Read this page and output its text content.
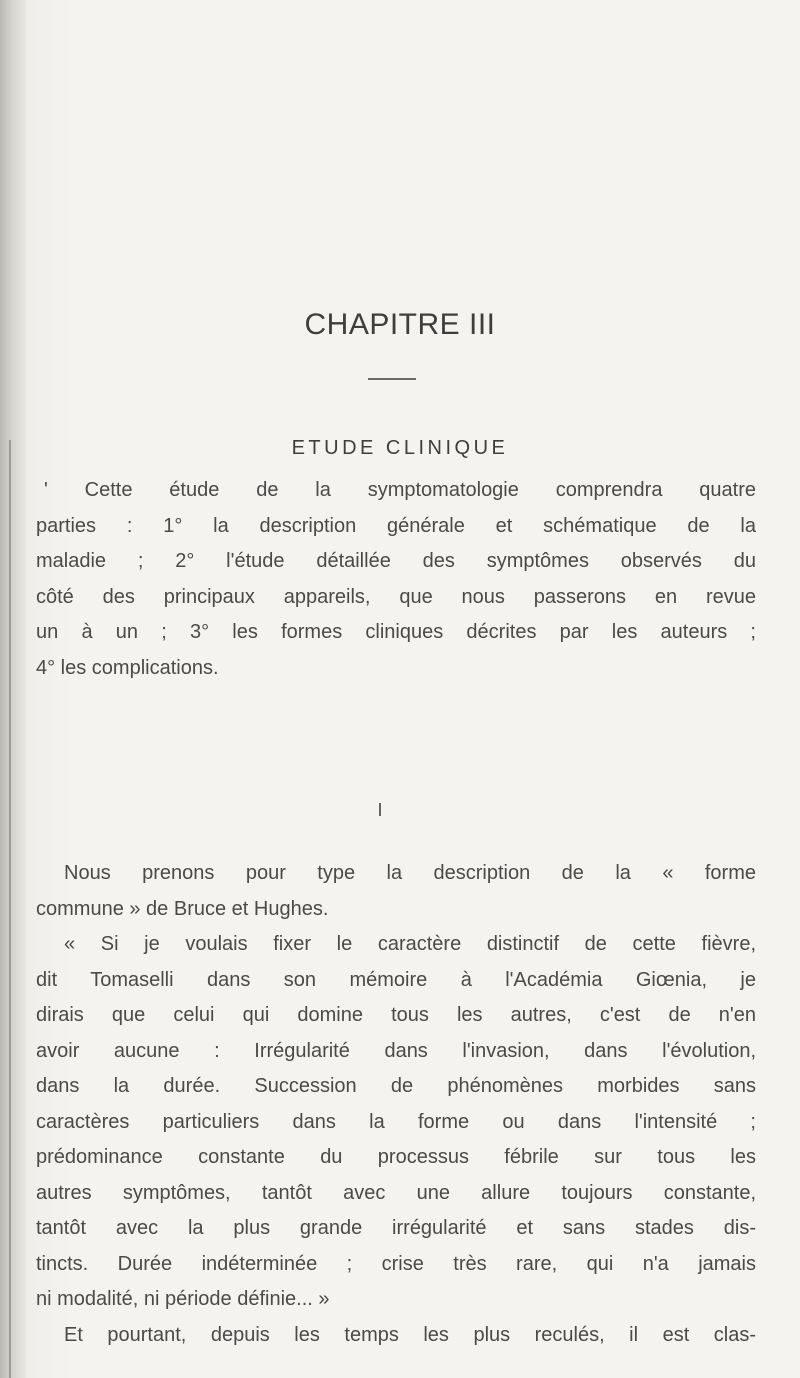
CHAPITRE III
ETUDE CLINIQUE
' Cette étude de la symptomatologie comprendra quatre
parties : 1° la description générale et schématique de la
maladie ; 2° l'étude détaillée des symptômes observés du
côté des principaux appareils, que nous passerons en revue
un à un ; 3° les formes cliniques décrites par les auteurs ;
4° les complications.
I
Nous prenons pour type la description de la « forme
commune » de Bruce et Hughes.
« Si je voulais fixer le caractère distinctif de cette fièvre,
dit Tomaselli dans son mémoire à l'Académia Giœnia, je
dirais que celui qui domine tous les autres, c'est de n'en
avoir aucune : Irrégularité dans l'invasion, dans l'évolution,
dans la durée. Succession de phénomènes morbides sans
caractères particuliers dans la forme ou dans l'intensité ;
prédominance constante du processus fébrile sur tous les
autres symptômes, tantôt avec une allure toujours constante,
tantôt avec la plus grande irrégularité et sans stades dis-
tincts. Durée indéterminée ; crise très rare, qui n'a jamais
ni modalité, ni période définie... »
Et pourtant, depuis les temps les plus reculés, il est clas-
